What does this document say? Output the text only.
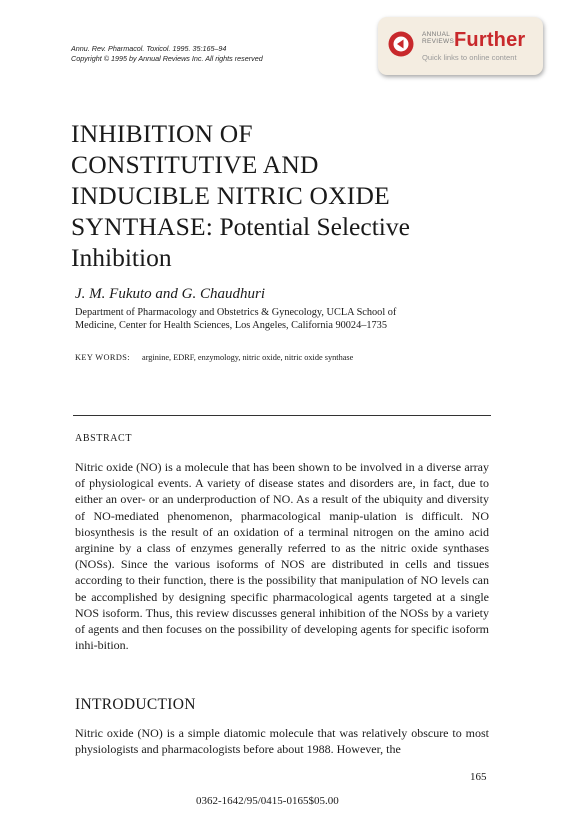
Annu. Rev. Pharmacol. Toxicol. 1995. 35:165–94
Copyright © 1995 by Annual Reviews Inc. All rights reserved
ANNUAL
REVIEWS Further
Quick links to online content
INHIBITION OF
CONSTITUTIVE AND
INDUCIBLE NITRIC OXIDE
SYNTHASE: Potential Selective
Inhibition
J. M. Fukuto and G. Chaudhuri
Department of Pharmacology and Obstetrics & Gynecology, UCLA School of
Medicine, Center for Health Sciences, Los Angeles, California 90024–1735
KEY WORDS: arginine, EDRF, enzymology, nitric oxide, nitric oxide synthase
ABSTRACT
Nitric oxide (NO) is a molecule that has been shown to be involved in a diverse array of physiological events. A variety of disease states and disorders are, in fact, due to either an over- or an underproduction of NO. As a result of the ubiquity and diversity of NO-mediated phenomenon, pharmacological manip-ulation is difficult. NO biosynthesis is the result of an oxidation of a terminal nitrogen on the amino acid arginine by a class of enzymes generally referred to as the nitric oxide synthases (NOSs). Since the various isoforms of NOS are distributed in cells and tissues according to their function, there is the possibility that manipulation of NO levels can be accomplished by designing specific pharmacological agents targeted at a single NOS isoform. Thus, this review discusses general inhibition of the NOSs by a variety of agents and then focuses on the possibility of developing agents for specific isoform inhi-bition.
INTRODUCTION
Nitric oxide (NO) is a simple diatomic molecule that was relatively obscure to most physiologists and pharmacologists before about 1988. However, the
165
0362-1642/95/0415-0165$05.00
